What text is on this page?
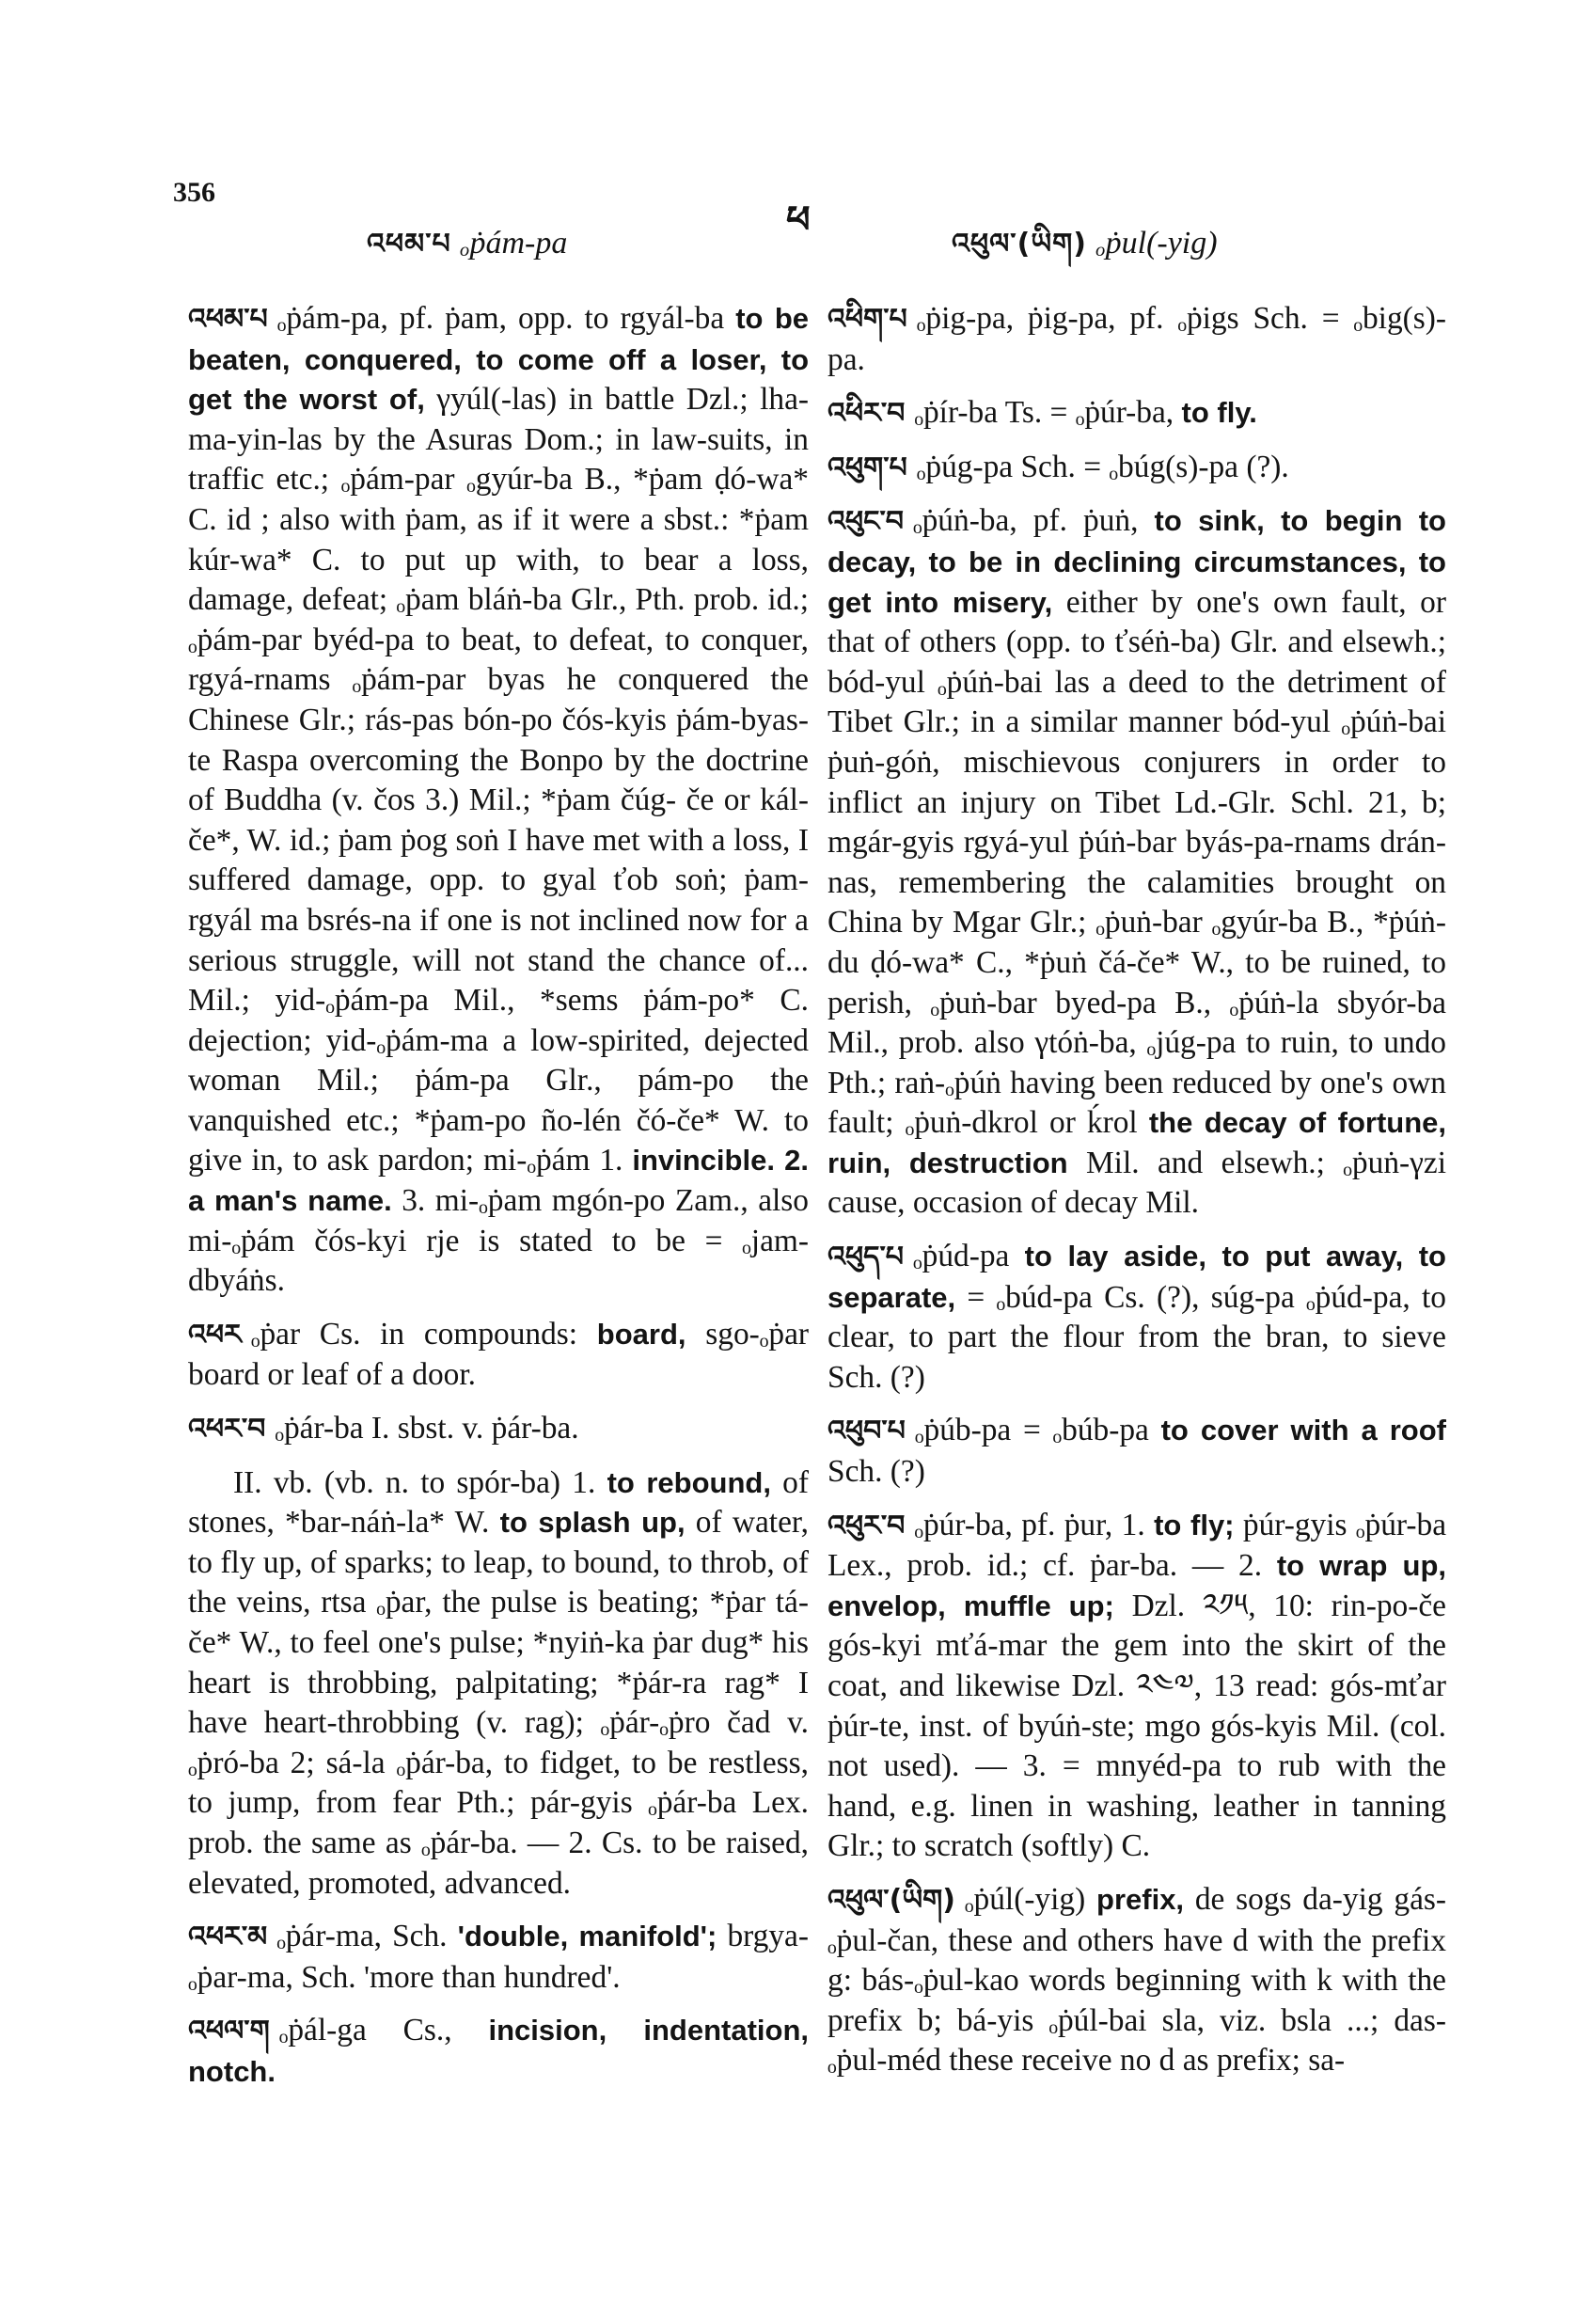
356
ཕ
འཕམ་པ ₒṗám-pa	འཕུལ་(ཡིག) ₒṗul(-yig)

འཕམ་པ ₒṗám-pa, pf. ṗam, opp. to rgyál-ba to be beaten, conquered, to come off a loser, to get the worst of, γyúl(-las) in battle Dzl.; lha-ma-yin-las by the Asuras Dom.; in law-suits, in traffic etc.; ₒṗám-par ₒgyúr-ba B., *ṗam ḍó-wa* C. id ; also with ṗam, as if it were a sbst.: *ṗam kúr-wa* C. to put up with, to bear a loss, damage, defeat; ₒṗam bláṅ-ba Glr., Pth. prob. id.; ₒṗám-par byéd-pa to beat, to defeat, to conquer, rgyá-rnams ₒṗám-par byas he conquered the Chinese Glr.; rás-pas bón-po čós-kyis ṗám-byas-te Raspa overcoming the Bonpo by the doctrine of Buddha (v. čos 3.) Mil.; *ṗam čúg- če or kál-če*, W. id.; ṗam ṗog soṅ I have met with a loss, I suffered damage, opp. to gyal ťob soṅ; ṗam-rgyál ma bsrés-na if one is not inclined now for a serious struggle, will not stand the chance of... Mil.; yid-ₒṗám-pa Mil., *sems ṗám-po* C. dejection; yid-ₒṗám-ma a low-spirited, dejected woman Mil.; ṗám-pa Glr., pám-po the vanquished etc.; *ṗam-po ño-lén čó-če* W. to give in, to ask pardon; mi-ₒṗám 1. invincible. 2. a man's name. 3. mi-ₒṗam mgón-po Zam., also mi-ₒṗám čós-kyi rje is stated to be = ₒjam-dbyáṅs.

འཕར ₒṗar Cs. in compounds: board, sgo-ₒṗar board or leaf of a door.

འཕར་བ ₒṗár-ba I. sbst. v. ṗár-ba.

II. vb. (vb. n. to spór-ba) 1. to rebound, of stones, *bar-náṅ-la* W. to splash up, of water, to fly up, of sparks; to leap, to bound, to throb, of the veins, rtsa ₒṗar, the pulse is beating; *ṗar tá-če* W., to feel one's pulse; *nyiṅ-ka ṗar dug* his heart is throbbing, palpitating; *ṗár-ra rag* I have heart-throbbing (v. rag); ₒṗár-ₒṗro čad v. ₒṗró-ba 2; sá-la ₒṗár-ba, to fidget, to be restless, to jump, from fear Pth.; pár-gyis ₒṗár-ba Lex. prob. the same as ₒṗár-ba. — 2. Cs. to be raised, elevated, promoted, advanced.

འཕར་མ ₒṗár-ma, Sch. 'double, manifold'; brgya-ₒṗar-ma, Sch. 'more than hundred'.

འཕལ་ག ₒṗál-ga Cs., incision, indentation, notch.

འཕིག་པ ₒṗig-pa, ṗig-pa, pf. ₒṗigs Sch. = ₒbig(s)-pa.

འཕིར་བ ₒṗír-ba Ts. = ₒṗúr-ba, to fly.

འཕུག་པ ₒṗúg-pa Sch. = ₒbúg(s)-pa (?).

འཕུང་བ ₒṗúṅ-ba, pf. ṗuṅ, to sink, to begin to decay, to be in declining circumstances, to get into misery, either by one's own fault, or that of others (opp. to ťséṅ-ba) Glr. and elsewh.; bód-yul ₒṗúṅ-bai las a deed to the detriment of Tibet Glr.; in a similar manner bód-yul ₒṗúṅ-bai ṗuṅ-góṅ, mischievous conjurers in order to inflict an injury on Tibet Ld.-Glr. Schl. 21, b; mgár-gyis rgyá-yul ṗúṅ-bar byás-pa-rnams drán-nas, remembering the calamities brought on China by Mgar Glr.; ₒṗuṅ-bar ₒgyúr-ba B., *ṗúṅ-du ḍó-wa* C., *ṗuṅ čá-če* W., to be ruined, to perish, ₒṗuṅ-bar byed-pa B., ₒṗúṅ-la sbyór-ba Mil., prob. also γtóṅ-ba, ₒjúg-pa to ruin, to undo Pth.; raṅ-ₒṗúṅ having been reduced by one's own fault; ₒṗuṅ-dkrol or ḱrol the decay of fortune, ruin, destruction Mil. and elsewh.; ₒṗuṅ-γzi cause, occasion of decay Mil.

འཕུད་པ ₒṗúd-pa to lay aside, to put away, to separate, = ₒbúd-pa Cs. (?), súg-pa ₒṗúd-pa, to clear, to part the flour from the bran, to sieve Sch. (?)

འཕུབ་པ ₒṗúb-pa = ₒbúb-pa to cover with a roof Sch. (?)

འཕུར་བ ₒṗúr-ba, pf. ṗur, 1. to fly; ṗúr-gyis ₒṗúr-ba Lex., prob. id.; cf. ṗar-ba. — 2. to wrap up, envelop, muffle up; Dzl. ༢༡༥, 10: rin-po-če gós-kyi mťá-mar the gem into the skirt of the coat, and likewise Dzl. ༢༤༧, 13 read: gós-mťar ṗúr-te, inst. of byúṅ-ste; mgo gós-kyis Mil. (col. not used). — 3. = mnyéd-pa to rub with the hand, e.g. linen in washing, leather in tanning Glr.; to scratch (softly) C.

འཕུལ་(ཡིག) ₒṗúl(-yig) prefix, de sogs da-yig gás-ₒṗul-čan, these and others have d with the prefix g: bás-ₒṗul-kao words beginning with k with the prefix b; bá-yis ₒṗúl-bai sla, viz. bsla ...; das-ₒṗul-méd these receive no d as prefix; sa-
